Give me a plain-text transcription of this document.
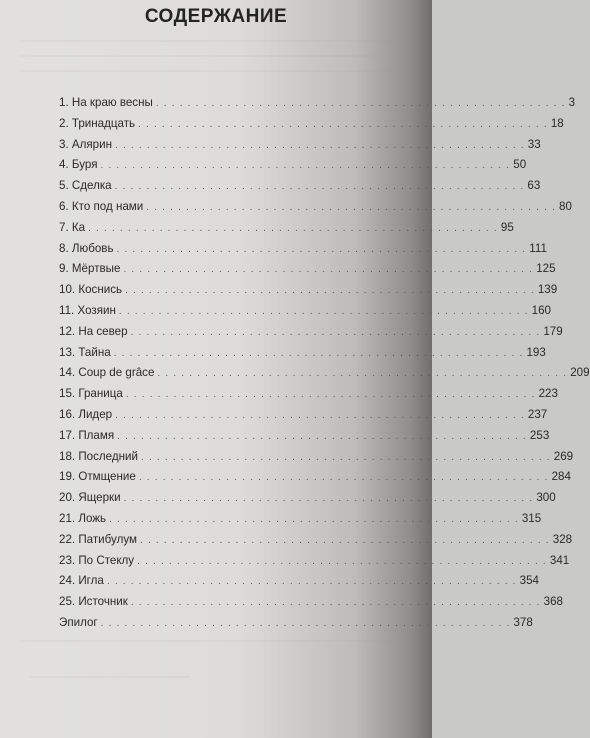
СОДЕРЖАНИЕ
1. На краю весны . . . . . . . . . . . . . . . . . . . . . . . . . . . . . . . . . . . . . . . . . . . . . . . . . . . . 3
2. Тринадцать . . . . . . . . . . . . . . . . . . . . . . . . . . . . . . . . . . . . . . . . . . . . . . . . . . . . 18
3. Алярин . . . . . . . . . . . . . . . . . . . . . . . . . . . . . . . . . . . . . . . . . . . . . . . . . . . . 33
4. Буря . . . . . . . . . . . . . . . . . . . . . . . . . . . . . . . . . . . . . . . . . . . . . . . . . . . . 50
5. Сделка . . . . . . . . . . . . . . . . . . . . . . . . . . . . . . . . . . . . . . . . . . . . . . . . . . . . 63
6. Кто под нами . . . . . . . . . . . . . . . . . . . . . . . . . . . . . . . . . . . . . . . . . . . . . . . . . . . . 80
7. Ка . . . . . . . . . . . . . . . . . . . . . . . . . . . . . . . . . . . . . . . . . . . . . . . . . . . . 95
8. Любовь . . . . . . . . . . . . . . . . . . . . . . . . . . . . . . . . . . . . . . . . . . . . . . . . . . . . 111
9. Мёртвые . . . . . . . . . . . . . . . . . . . . . . . . . . . . . . . . . . . . . . . . . . . . . . . . . . . . 125
10. Коснись . . . . . . . . . . . . . . . . . . . . . . . . . . . . . . . . . . . . . . . . . . . . . . . . . . . . 139
11. Хозяин . . . . . . . . . . . . . . . . . . . . . . . . . . . . . . . . . . . . . . . . . . . . . . . . . . . . 160
12. На север . . . . . . . . . . . . . . . . . . . . . . . . . . . . . . . . . . . . . . . . . . . . . . . . . . . . 179
13. Тайна . . . . . . . . . . . . . . . . . . . . . . . . . . . . . . . . . . . . . . . . . . . . . . . . . . . . 193
14. Coup de grâce . . . . . . . . . . . . . . . . . . . . . . . . . . . . . . . . . . . . . . . . . . . . . . . . . . . . 209
15. Граница . . . . . . . . . . . . . . . . . . . . . . . . . . . . . . . . . . . . . . . . . . . . . . . . . . . . 223
16. Лидер . . . . . . . . . . . . . . . . . . . . . . . . . . . . . . . . . . . . . . . . . . . . . . . . . . . . 237
17. Пламя . . . . . . . . . . . . . . . . . . . . . . . . . . . . . . . . . . . . . . . . . . . . . . . . . . . . 253
18. Последний . . . . . . . . . . . . . . . . . . . . . . . . . . . . . . . . . . . . . . . . . . . . . . . . . . . . 269
19. Отмщение . . . . . . . . . . . . . . . . . . . . . . . . . . . . . . . . . . . . . . . . . . . . . . . . . . . . 284
20. Ящерки . . . . . . . . . . . . . . . . . . . . . . . . . . . . . . . . . . . . . . . . . . . . . . . . . . . . 300
21. Ложь . . . . . . . . . . . . . . . . . . . . . . . . . . . . . . . . . . . . . . . . . . . . . . . . . . . . 315
22. Патибулум . . . . . . . . . . . . . . . . . . . . . . . . . . . . . . . . . . . . . . . . . . . . . . . . . . . . 328
23. По Стеклу . . . . . . . . . . . . . . . . . . . . . . . . . . . . . . . . . . . . . . . . . . . . . . . . . . . . 341
24. Игла . . . . . . . . . . . . . . . . . . . . . . . . . . . . . . . . . . . . . . . . . . . . . . . . . . . . 354
25. Источник . . . . . . . . . . . . . . . . . . . . . . . . . . . . . . . . . . . . . . . . . . . . . . . . . . . . 368
Эпилог . . . . . . . . . . . . . . . . . . . . . . . . . . . . . . . . . . . . . . . . . . . . . . . . . . . . 378
